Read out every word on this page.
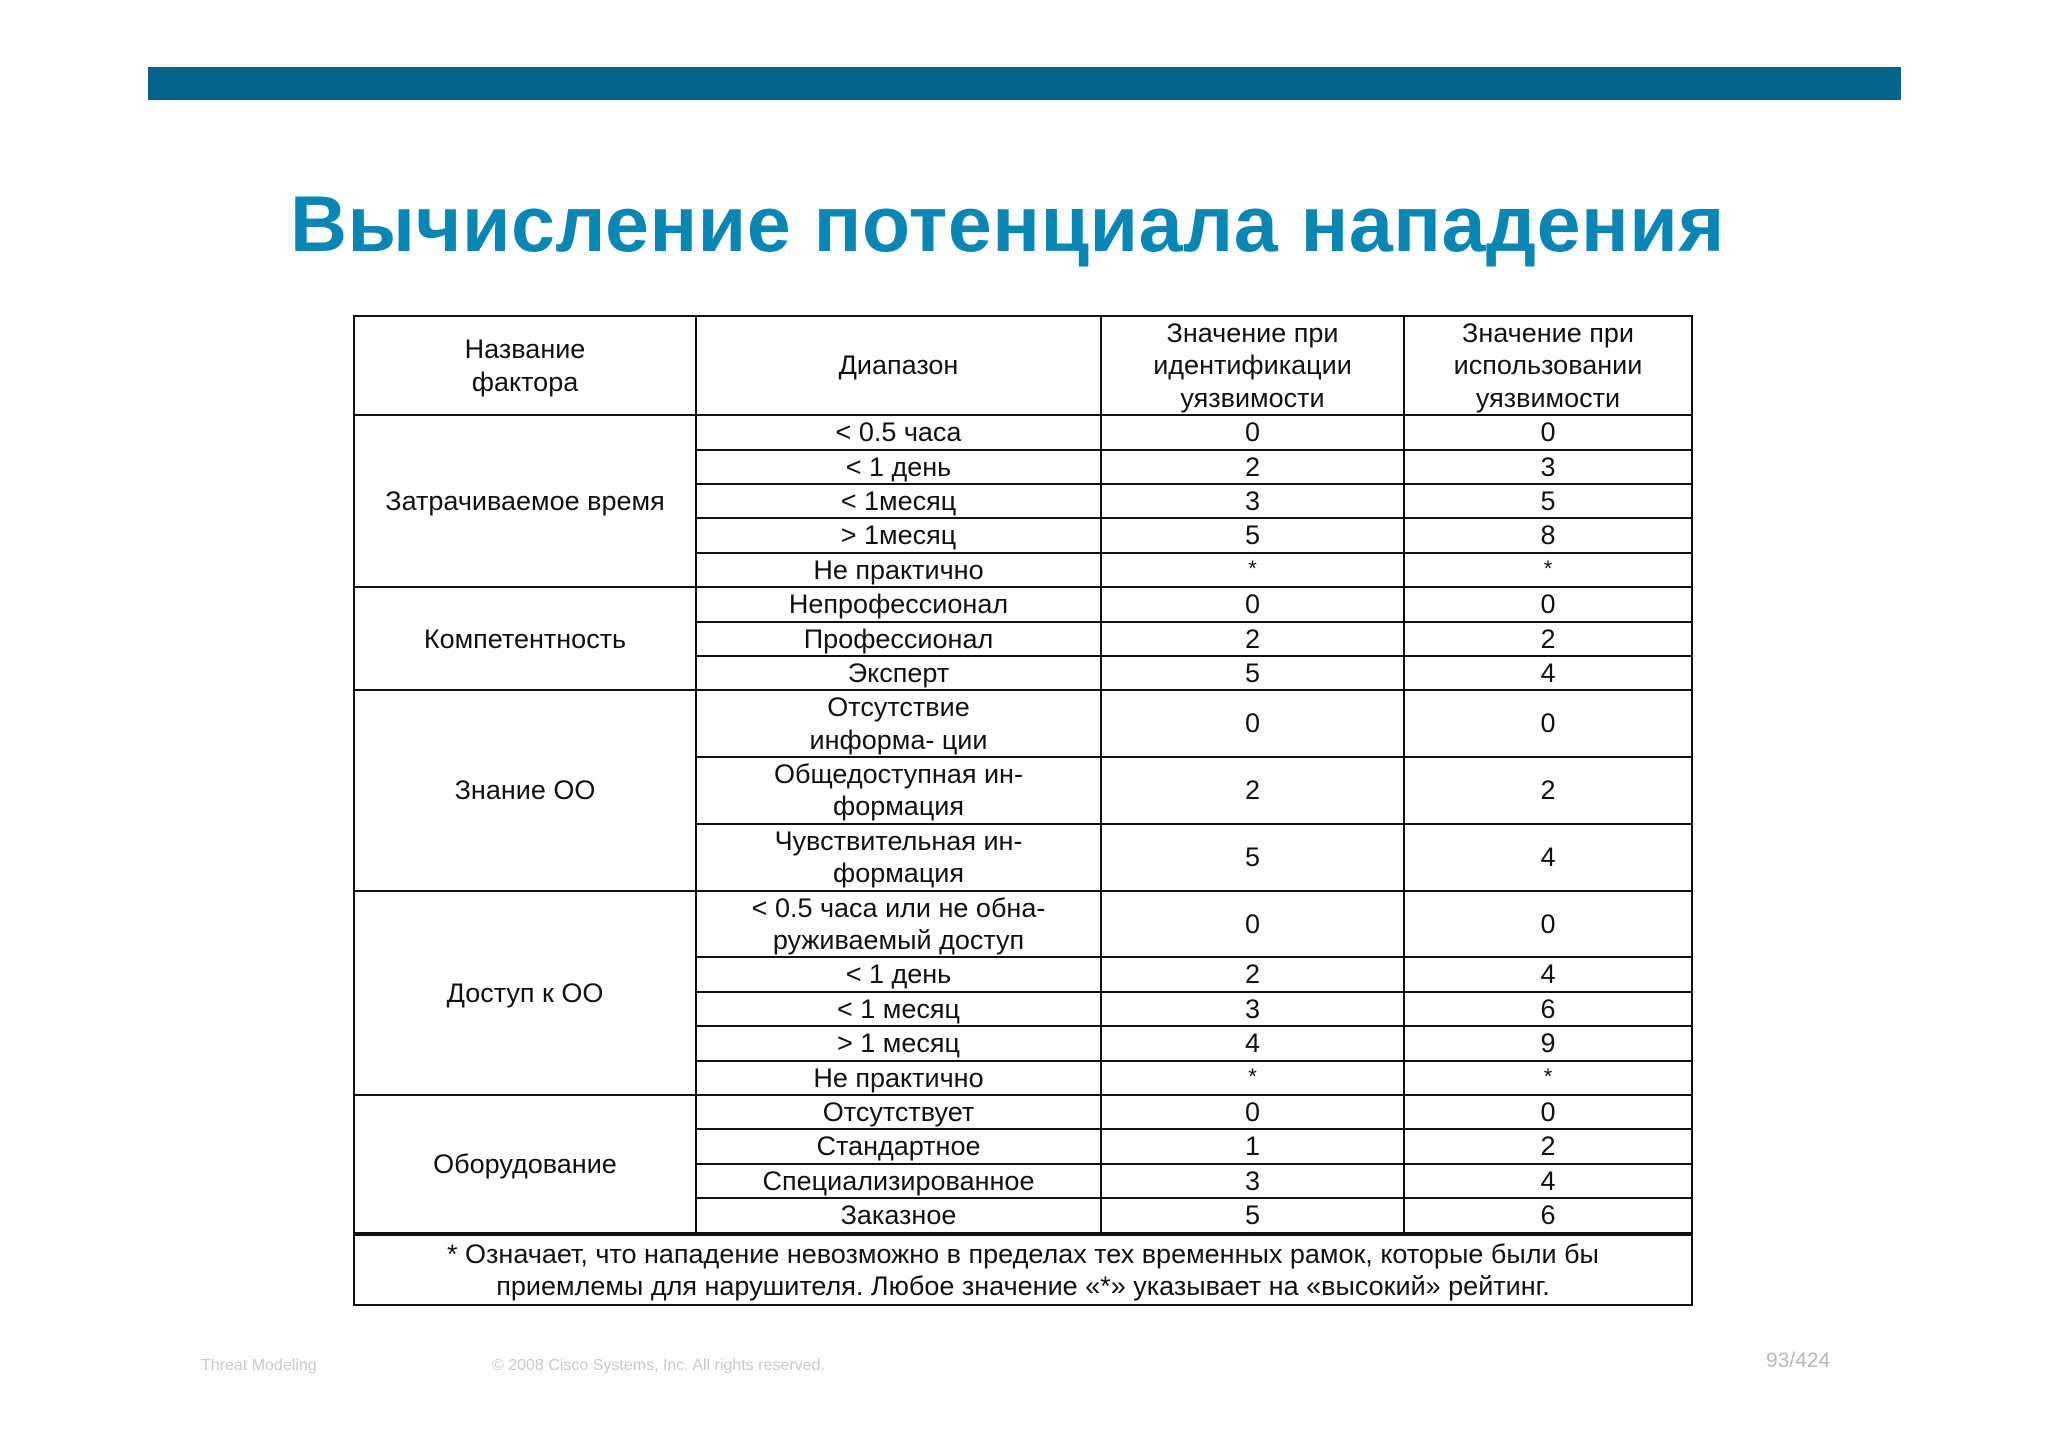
Вычисление потенциала нападения
Название фактора	Диапазон	Значение при идентификации уязвимости	Значение при использовании уязвимости
Затрачиваемое время	< 0.5 часа	0	0
	< 1 день	2	3
	< 1месяц	3	5
	> 1месяц	5	8
	Не практично	*	*
Компетентность	Непрофессионал	0	0
	Профессионал	2	2
	Эксперт	5	4
Знание ОО	Отсутствие информа- ции	0	0
	Общедоступная ин- формация	2	2
	Чувствительная ин- формация	5	4
Доступ к ОО	< 0.5 часа или не обна- руживаемый доступ	0	0
	< 1 день	2	4
	< 1 месяц	3	6
	> 1 месяц	4	9
	Не практично	*	*
Оборудование	Отсутствует	0	0
	Стандартное	1	2
	Специализированное	3	4
	Заказное	5	6
* Означает, что нападение невозможно в пределах тех временных рамок, которые были бы приемлемы для нарушителя. Любое значение «*» указывает на «высокий» рейтинг.			
Threat Modeling	© 2008 Cisco Systems, Inc. All rights reserved.	93/424
